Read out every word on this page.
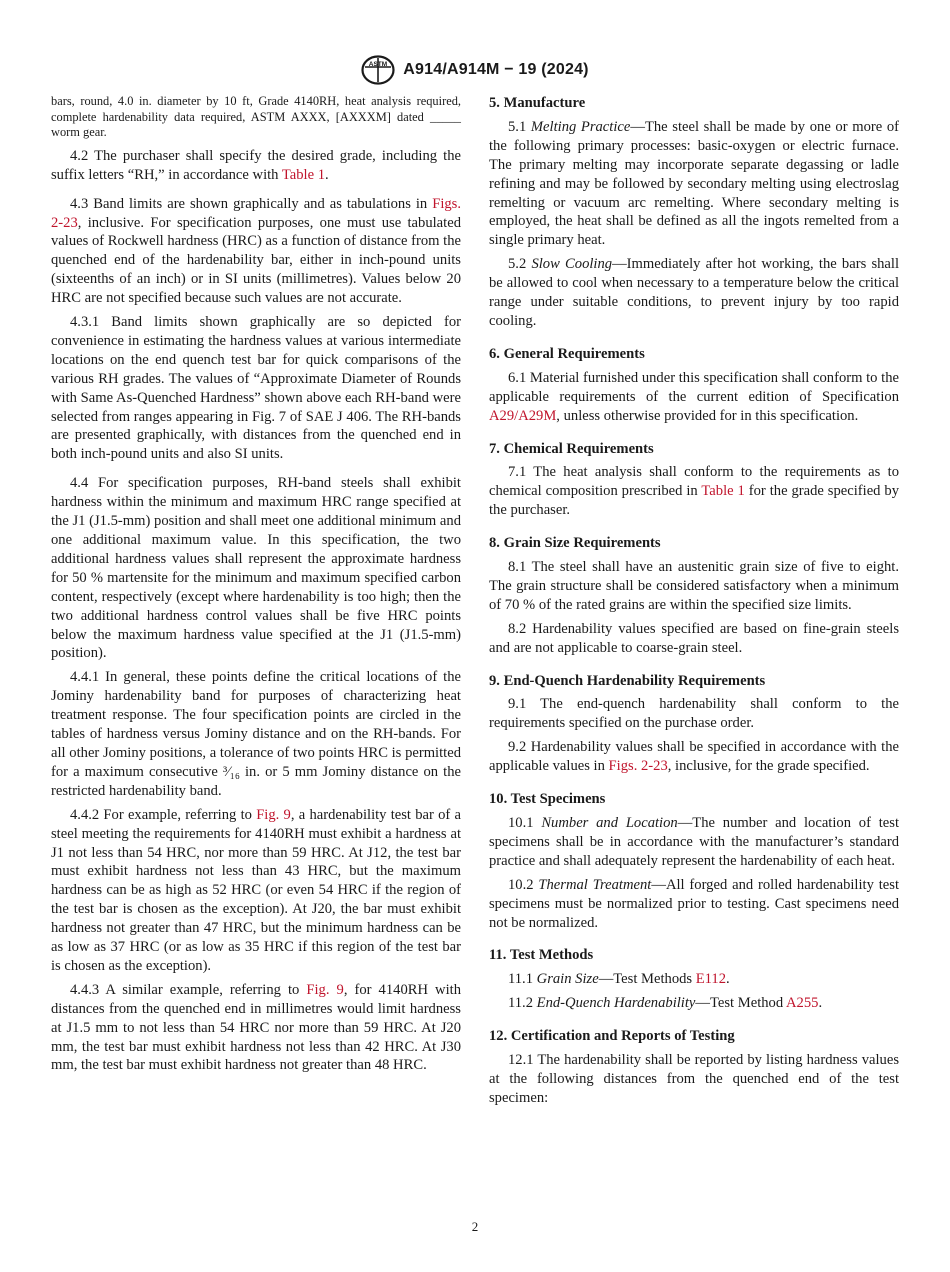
ASTM A914/A914M − 19 (2024)

bars, round, 4.0 in. diameter by 10 ft, Grade 4140RH, heat analysis required, complete hardenability data required, ASTM AXXX, [AXXXM] dated _____ worm gear.

4.2 The purchaser shall specify the desired grade, including the suffix letters “RH,” in accordance with Table 1.

4.3 Band limits are shown graphically and as tabulations in Figs. 2-23, inclusive. For specification purposes, one must use tabulated values of Rockwell hardness (HRC) as a function of distance from the quenched end of the hardenability bar, either in inch-pound units (sixteenths of an inch) or in SI units (millimetres). Values below 20 HRC are not specified because such values are not accurate.

4.3.1 Band limits shown graphically are so depicted for convenience in estimating the hardness values at various intermediate locations on the end quench test bar for quick comparisons of the various RH grades. The values of “Approximate Diameter of Rounds with Same As-Quenched Hardness” shown above each RH-band were selected from ranges appearing in Fig. 7 of SAE J 406. The RH-bands are presented graphically, with distances from the quenched end in both inch-pound units and also SI units.

4.4 For specification purposes, RH-band steels shall exhibit hardness within the minimum and maximum HRC range specified at the J1 (J1.5-mm) position and shall meet one additional minimum and one additional maximum value. In this specification, the two additional hardness values shall represent the approximate hardness for 50 % martensite for the minimum and maximum specified carbon content, respectively (except where hardenability is too high; then the two additional hardness control values shall be five HRC points below the maximum hardness value specified at the J1 (J1.5-mm) position).

4.4.1 In general, these points define the critical locations of the Jominy hardenability band for purposes of characterizing heat treatment response. The four specification points are circled in the tables of hardness versus Jominy distance and on the RH-bands. For all other Jominy positions, a tolerance of two points HRC is permitted for a maximum consecutive ³⁄₁₆ in. or 5 mm Jominy distance on the restricted hardenability band.

4.4.2 For example, referring to Fig. 9, a hardenability test bar of a steel meeting the requirements for 4140RH must exhibit a hardness at J1 not less than 54 HRC, nor more than 59 HRC. At J12, the test bar must exhibit hardness not less than 43 HRC, but the maximum hardness can be as high as 52 HRC (or even 54 HRC if the region of the test bar is chosen as the exception). At J20, the bar must exhibit hardness not greater than 47 HRC, but the minimum hardness can be as low as 37 HRC (or as low as 35 HRC if this region of the test bar is chosen as the exception).

4.4.3 A similar example, referring to Fig. 9, for 4140RH with distances from the quenched end in millimetres would limit hardness at J1.5 mm to not less than 54 HRC nor more than 59 HRC. At J20 mm, the test bar must exhibit hardness not less than 42 HRC. At J30 mm, the test bar must exhibit hardness not greater than 48 HRC.

5. Manufacture

5.1 Melting Practice—The steel shall be made by one or more of the following primary processes: basic-oxygen or electric furnace. The primary melting may incorporate separate degassing or ladle refining and may be followed by secondary melting using electroslag remelting or vacuum arc remelting. Where secondary melting is employed, the heat shall be defined as all the ingots remelted from a single primary heat.

5.2 Slow Cooling—Immediately after hot working, the bars shall be allowed to cool when necessary to a temperature below the critical range under suitable conditions, to prevent injury by too rapid cooling.

6. General Requirements

6.1 Material furnished under this specification shall conform to the applicable requirements of the current edition of Specification A29/A29M, unless otherwise provided for in this specification.

7. Chemical Requirements

7.1 The heat analysis shall conform to the requirements as to chemical composition prescribed in Table 1 for the grade specified by the purchaser.

8. Grain Size Requirements

8.1 The steel shall have an austenitic grain size of five to eight. The grain structure shall be considered satisfactory when a minimum of 70 % of the rated grains are within the specified size limits.

8.2 Hardenability values specified are based on fine-grain steels and are not applicable to coarse-grain steel.

9. End-Quench Hardenability Requirements

9.1 The end-quench hardenability shall conform to the requirements specified on the purchase order.

9.2 Hardenability values shall be specified in accordance with the applicable values in Figs. 2-23, inclusive, for the grade specified.

10. Test Specimens

10.1 Number and Location—The number and location of test specimens shall be in accordance with the manufacturer’s standard practice and shall adequately represent the hardenability of each heat.

10.2 Thermal Treatment—All forged and rolled hardenability test specimens must be normalized prior to testing. Cast specimens need not be normalized.

11. Test Methods

11.1 Grain Size—Test Methods E112.

11.2 End-Quench Hardenability—Test Method A255.

12. Certification and Reports of Testing

12.1 The hardenability shall be reported by listing hardness values at the following distances from the quenched end of the test specimen:

2
